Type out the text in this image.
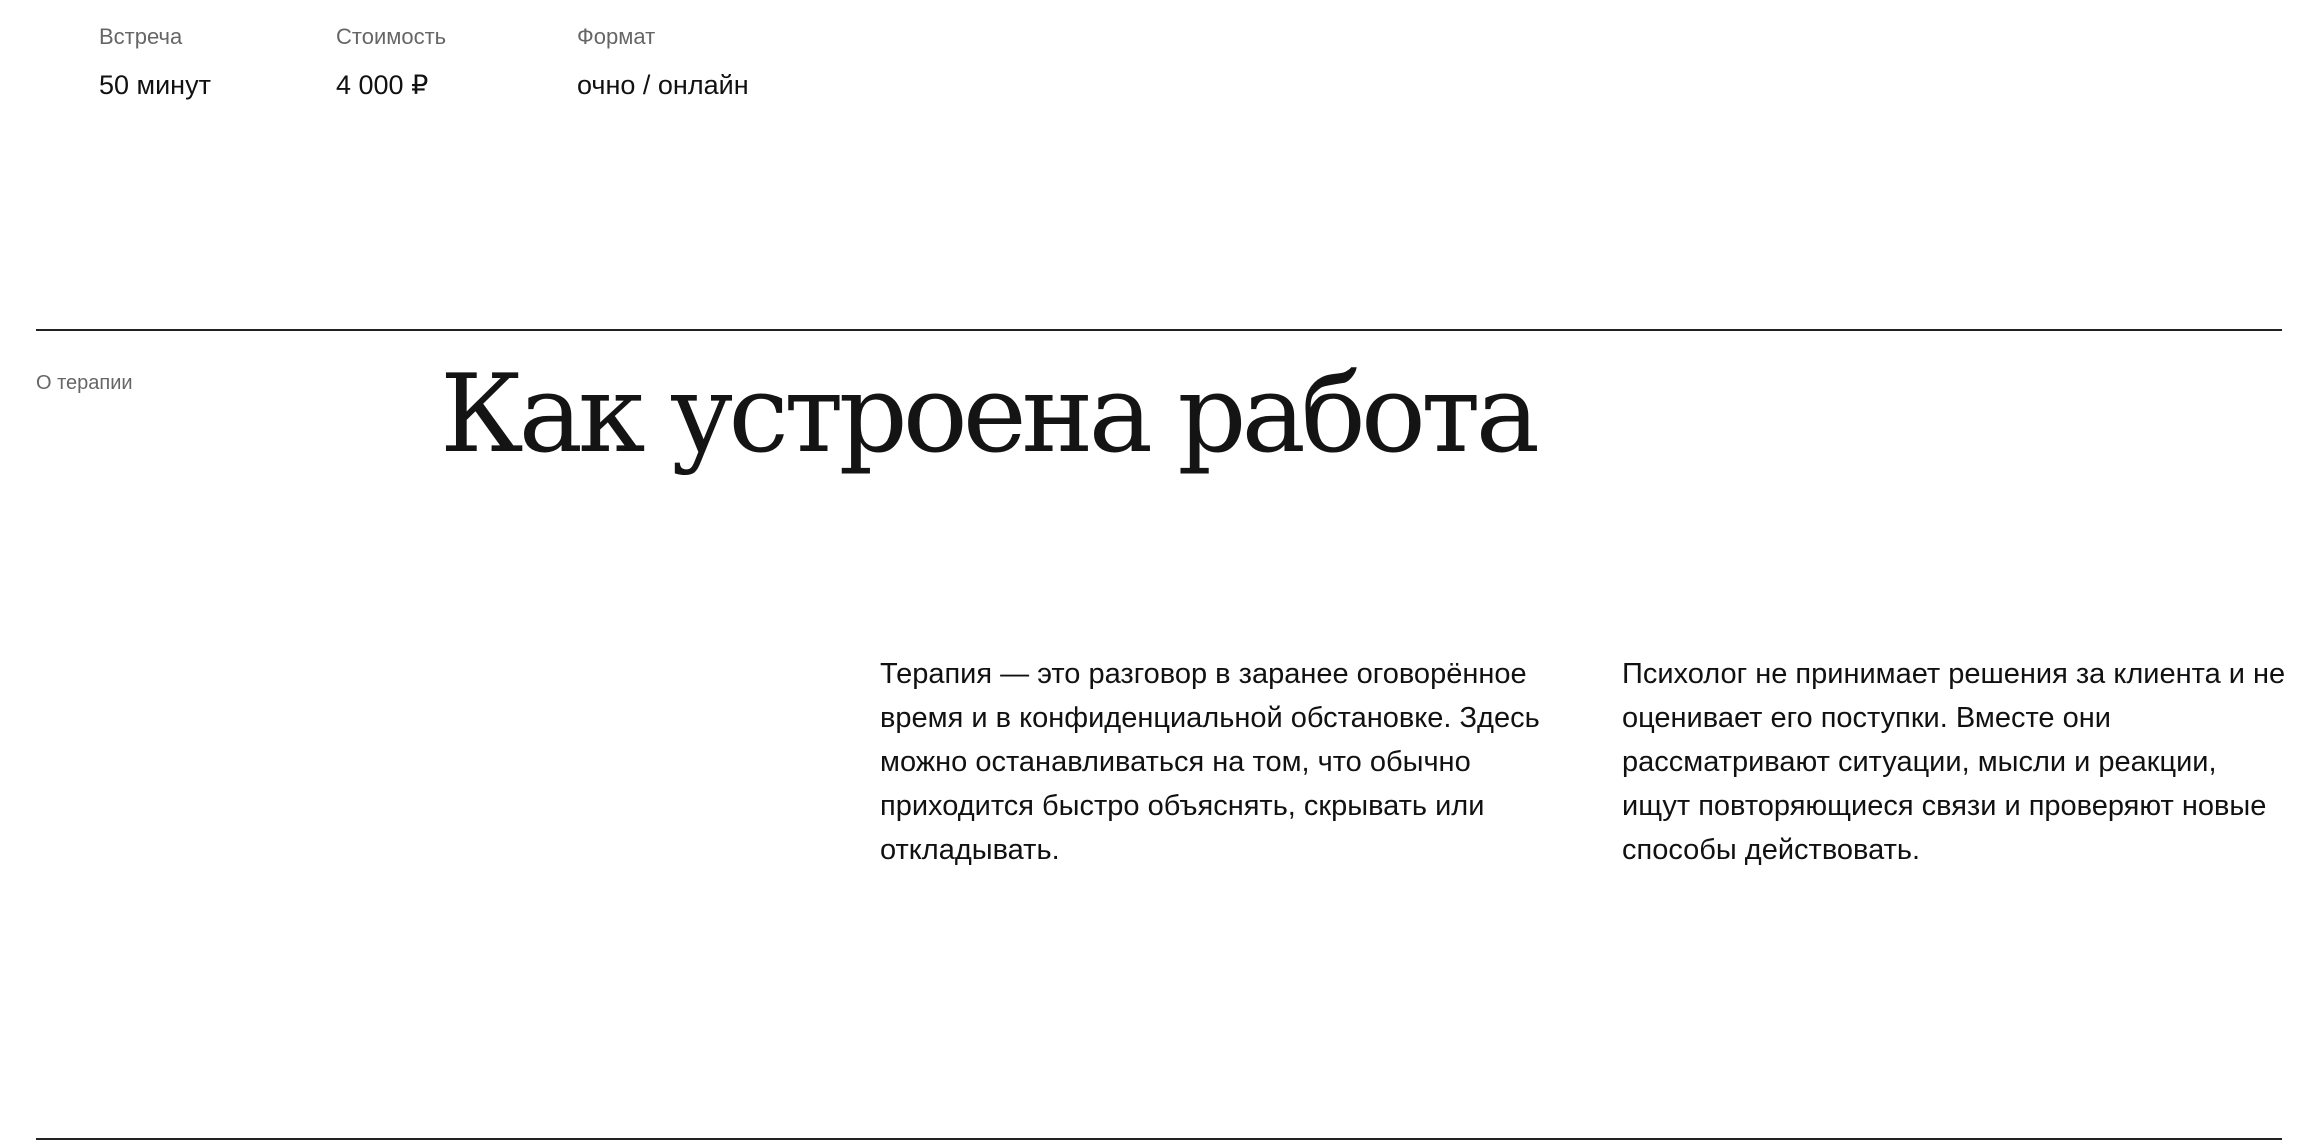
Встреча
50 минут
Стоимость
4 000 ₽
Формат
очно / онлайн
О терапии	Как устроена работа

Терапия — это разговор в заранее оговорённое время и в конфиденциальной обстановке. Здесь можно останавливаться на том, что обычно приходится быстро объяснять, скрывать или откладывать.

Психолог не принимает решения за клиента и не оценивает его поступки. Вместе они рассматривают ситуации, мысли и реакции, ищут повторяющиеся связи и проверяют новые способы действовать.
